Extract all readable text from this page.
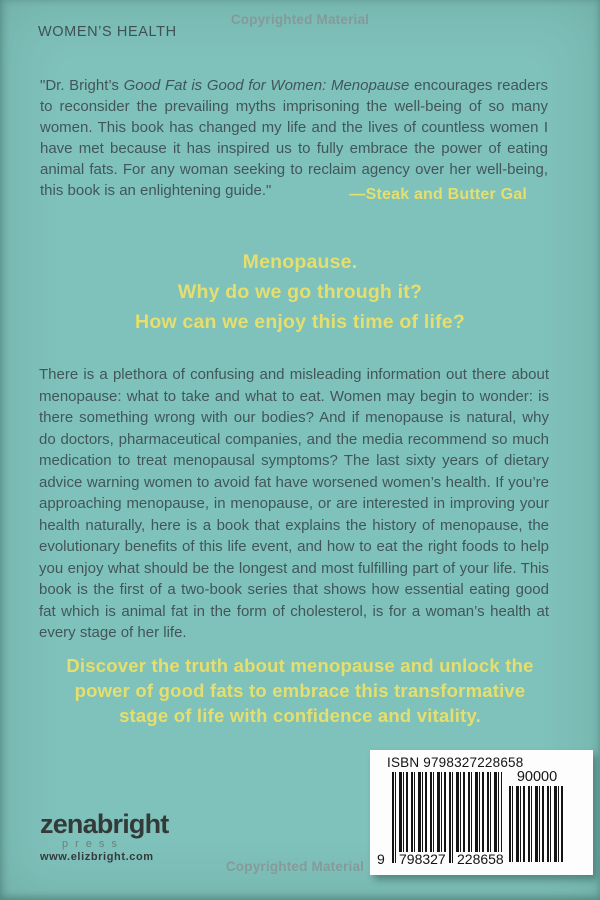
Copyrighted Material
WOMEN’S HEALTH

"Dr. Bright’s Good Fat is Good for Women: Menopause encourages readers to reconsider the prevailing myths imprisoning the well-being of so many women. This book has changed my life and the lives of countless women I have met because it has inspired us to fully embrace the power of eating animal fats. For any woman seeking to reclaim agency over her well-being, this book is an enlightening guide."	—Steak and Butter Gal
Menopause.
Why do we go through it?
How can we enjoy this time of life?

There is a plethora of confusing and misleading information out there about menopause: what to take and what to eat. Women may begin to wonder: is there something wrong with our bodies? And if menopause is natural, why do doctors, pharmaceutical companies, and the media recommend so much medication to treat menopausal symptoms? The last sixty years of dietary advice warning women to avoid fat have worsened women’s health. If you’re approaching menopause, in menopause, or are interested in improving your health naturally, here is a book that explains the history of menopause, the evolutionary benefits of this life event, and how to eat the right foods to help you enjoy what should be the longest and most fulfilling part of your life. This book is the first of a two-book series that shows how essential eating good fat which is animal fat in the form of cholesterol, is for a woman’s health at every stage of her life.

Discover the truth about menopause and unlock the power of good fats to embrace this transformative stage of life with confidence and vitality.
zenabright
press
www.elizbright.com
ISBN 9798327228658
9 798327 228658
90000
Copyrighted Material
